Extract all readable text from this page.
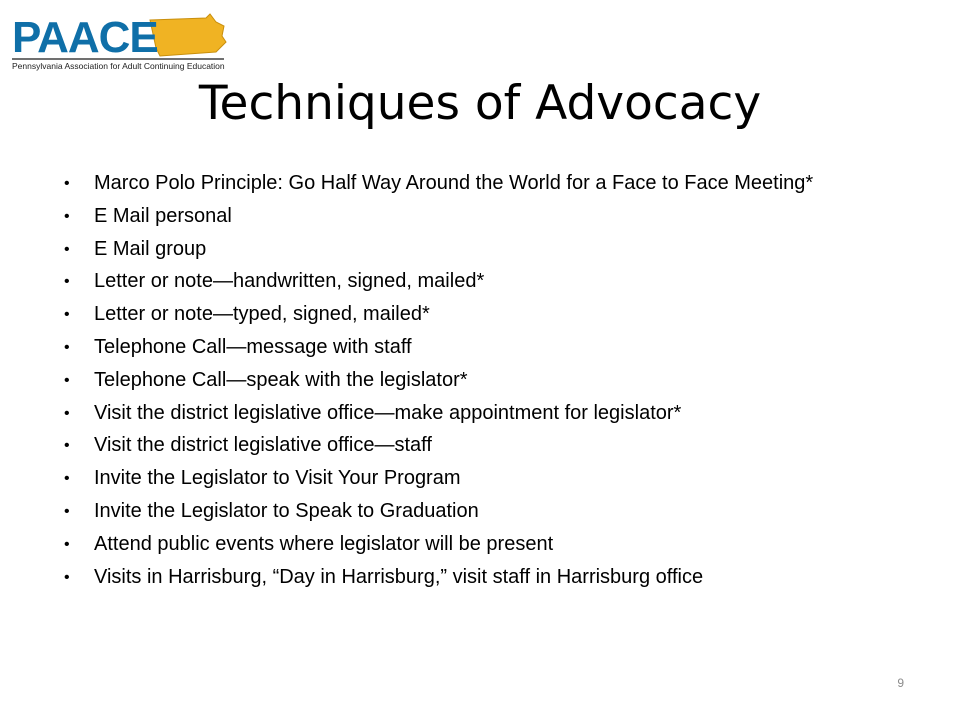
PAACE
Pennsylvania Association for Adult Continuing Education
Techniques of Advocacy
•	Marco Polo Principle: Go Half Way Around the World for a Face to Face Meeting*
•	E Mail personal
•	E Mail group
•	Letter or note—handwritten, signed, mailed*
•	Letter or note—typed, signed, mailed*
•	Telephone Call—message with staff
•	Telephone Call—speak with the legislator*
•	Visit the district legislative office—make appointment for legislator*
•	Visit the district legislative office—staff
•	Invite the Legislator to Visit Your Program
•	Invite the Legislator to Speak to Graduation
•	Attend public events where legislator will be present
•	Visits in Harrisburg, “Day in Harrisburg,” visit staff in Harrisburg office
9
